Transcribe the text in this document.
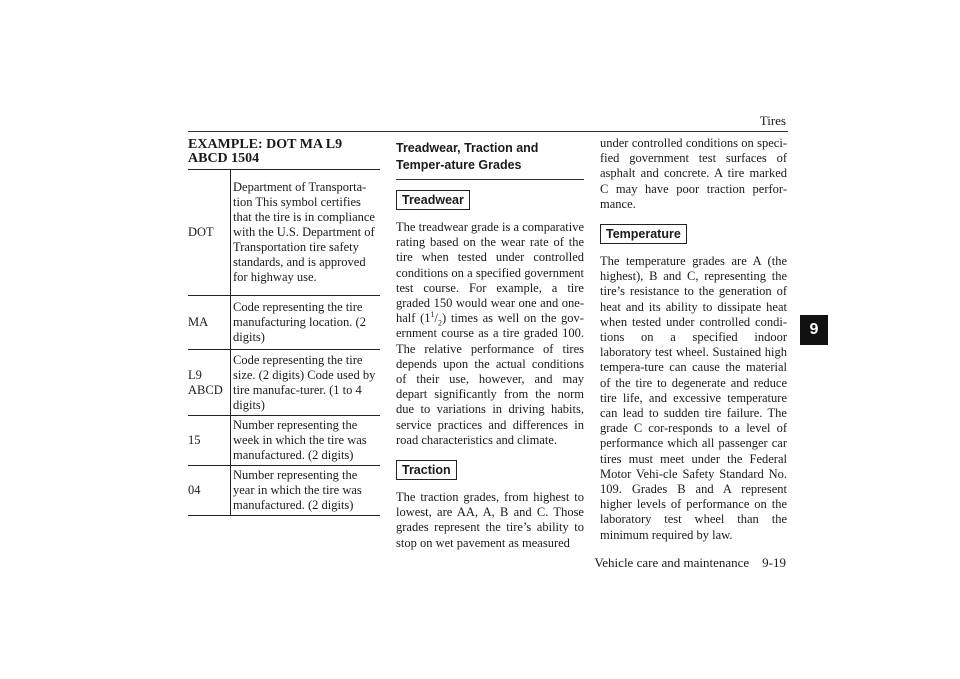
Tires
9
Vehicle care and maintenance    9-19
EXAMPLE: DOT MA L9 ABCD 1504
DOT	Department of Transporta-tion This symbol certifies that the tire is in compliance with the U.S. Department of Transportation tire safety standards, and is approved for highway use.
MA	Code representing the tire manufacturing location. (2 digits)
L9 ABCD	Code representing the tire size. (2 digits) Code used by tire manufac-turer. (1 to 4 digits)
15	Number representing the week in which the tire was manufactured. (2 digits)
04	Number representing the year in which the tire was manufactured. (2 digits)
Treadwear, Traction and Temper-ature Grades
Treadwear

The treadwear grade is a comparative rating based on the wear rate of the tire when tested under controlled conditions on a specified government test course. For example, a tire graded 150 would wear one and one-half $(1^1/_2)$ times as well on the gov-ernment course as a tire graded 100. The relative performance of tires depends upon the actual conditions of their use, however, and may depart significantly from the norm due to variations in driving habits, service practices and differences in road characteristics and climate.

Traction

The traction grades, from highest to lowest, are AA, A, B and C. Those grades represent the tire’s ability to stop on wet pavement as measured

under controlled conditions on speci-fied government test surfaces of asphalt and concrete. A tire marked C may have poor traction perfor-mance.

Temperature

The temperature grades are A (the highest), B and C, representing the tire’s resistance to the generation of heat and its ability to dissipate heat when tested under controlled condi-tions on a specified indoor laboratory test wheel. Sustained high tempera-ture can cause the material of the tire to degenerate and reduce tire life, and excessive temperature can lead to sudden tire failure. The grade C cor-responds to a level of performance which all passenger car tires must meet under the Federal Motor Vehi-cle Safety Standard No. 109. Grades B and A represent higher levels of performance on the laboratory test wheel than the minimum required by law.
